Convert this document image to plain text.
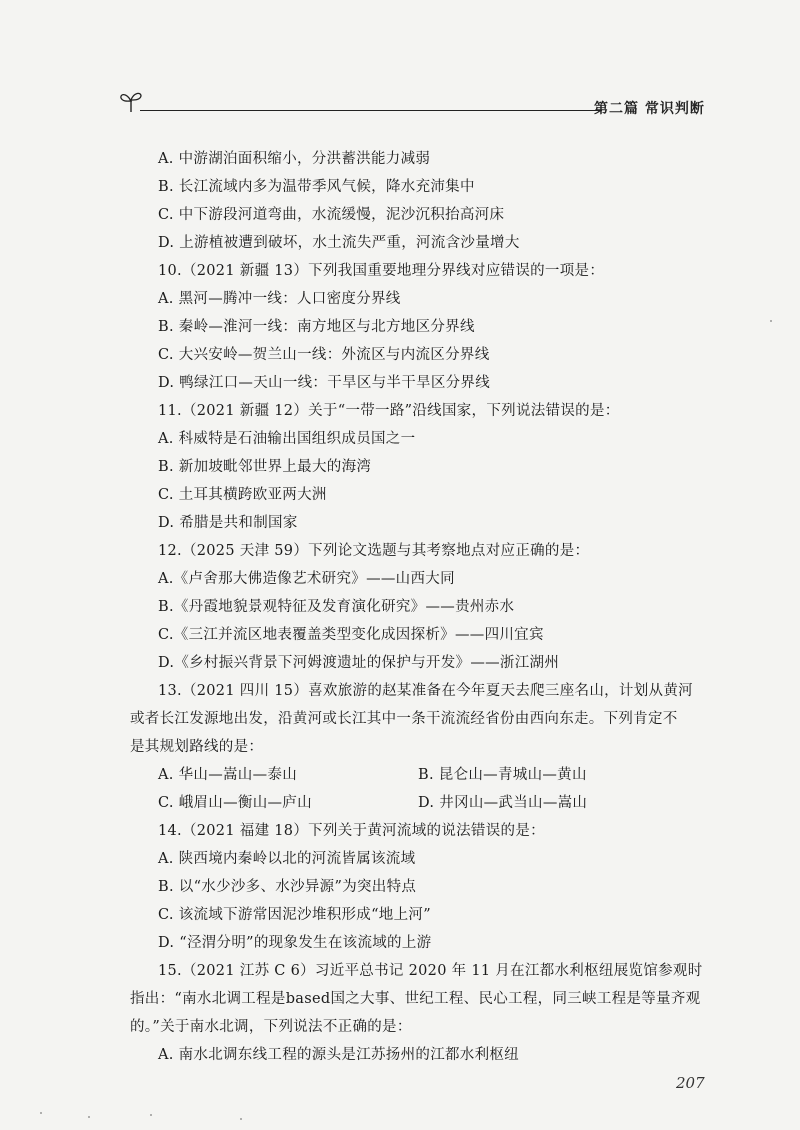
第二篇 常识判断
A. 中游湖泊面积缩小，分洪蓄洪能力减弱
B. 长江流域内多为温带季风气候，降水充沛集中
C. 中下游段河道弯曲，水流缓慢，泥沙沉积抬高河床
D. 上游植被遭到破坏，水土流失严重，河流含沙量增大
10.（2021 新疆 13）下列我国重要地理分界线对应错误的一项是：
A. 黑河—腾冲一线：人口密度分界线
B. 秦岭—淮河一线：南方地区与北方地区分界线
C. 大兴安岭—贺兰山一线：外流区与内流区分界线
D. 鸭绿江口—天山一线：干旱区与半干旱区分界线
11.（2021 新疆 12）关于“一带一路”沿线国家，下列说法错误的是：
A. 科威特是石油输出国组织成员国之一
B. 新加坡毗邻世界上最大的海湾
C. 土耳其横跨欧亚两大洲
D. 希腊是共和制国家
12.（2025 天津 59）下列论文选题与其考察地点对应正确的是：
A.《卢舍那大佛造像艺术研究》——山西大同
B.《丹霞地貌景观特征及发育演化研究》——贵州赤水
C.《三江并流区地表覆盖类型变化成因探析》——四川宜宾
D.《乡村振兴背景下河姆渡遗址的保护与开发》——浙江湖州
13.（2021 四川 15）喜欢旅游的赵某准备在今年夏天去爬三座名山，计划从黄河
或者长江发源地出发，沿黄河或长江其中一条干流流经省份由西向东走。下列肯定不
是其规划路线的是：
A. 华山—嵩山—泰山	B. 昆仑山—青城山—黄山
C. 峨眉山—衡山—庐山	D. 井冈山—武当山—嵩山
14.（2021 福建 18）下列关于黄河流域的说法错误的是：
A. 陕西境内秦岭以北的河流皆属该流域
B. 以“水少沙多、水沙异源”为突出特点
C. 该流域下游常因泥沙堆积形成“地上河”
D. “泾渭分明”的现象发生在该流域的上游
15.（2021 江苏 C 6）习近平总书记 2020 年 11 月在江都水利枢纽展览馆参观时
指出：“南水北调工程是based国之大事、世纪工程、民心工程，同三峡工程是等量齐观
的。”关于南水北调，下列说法不正确的是：
A. 南水北调东线工程的源头是江苏扬州的江都水利枢纽
207
